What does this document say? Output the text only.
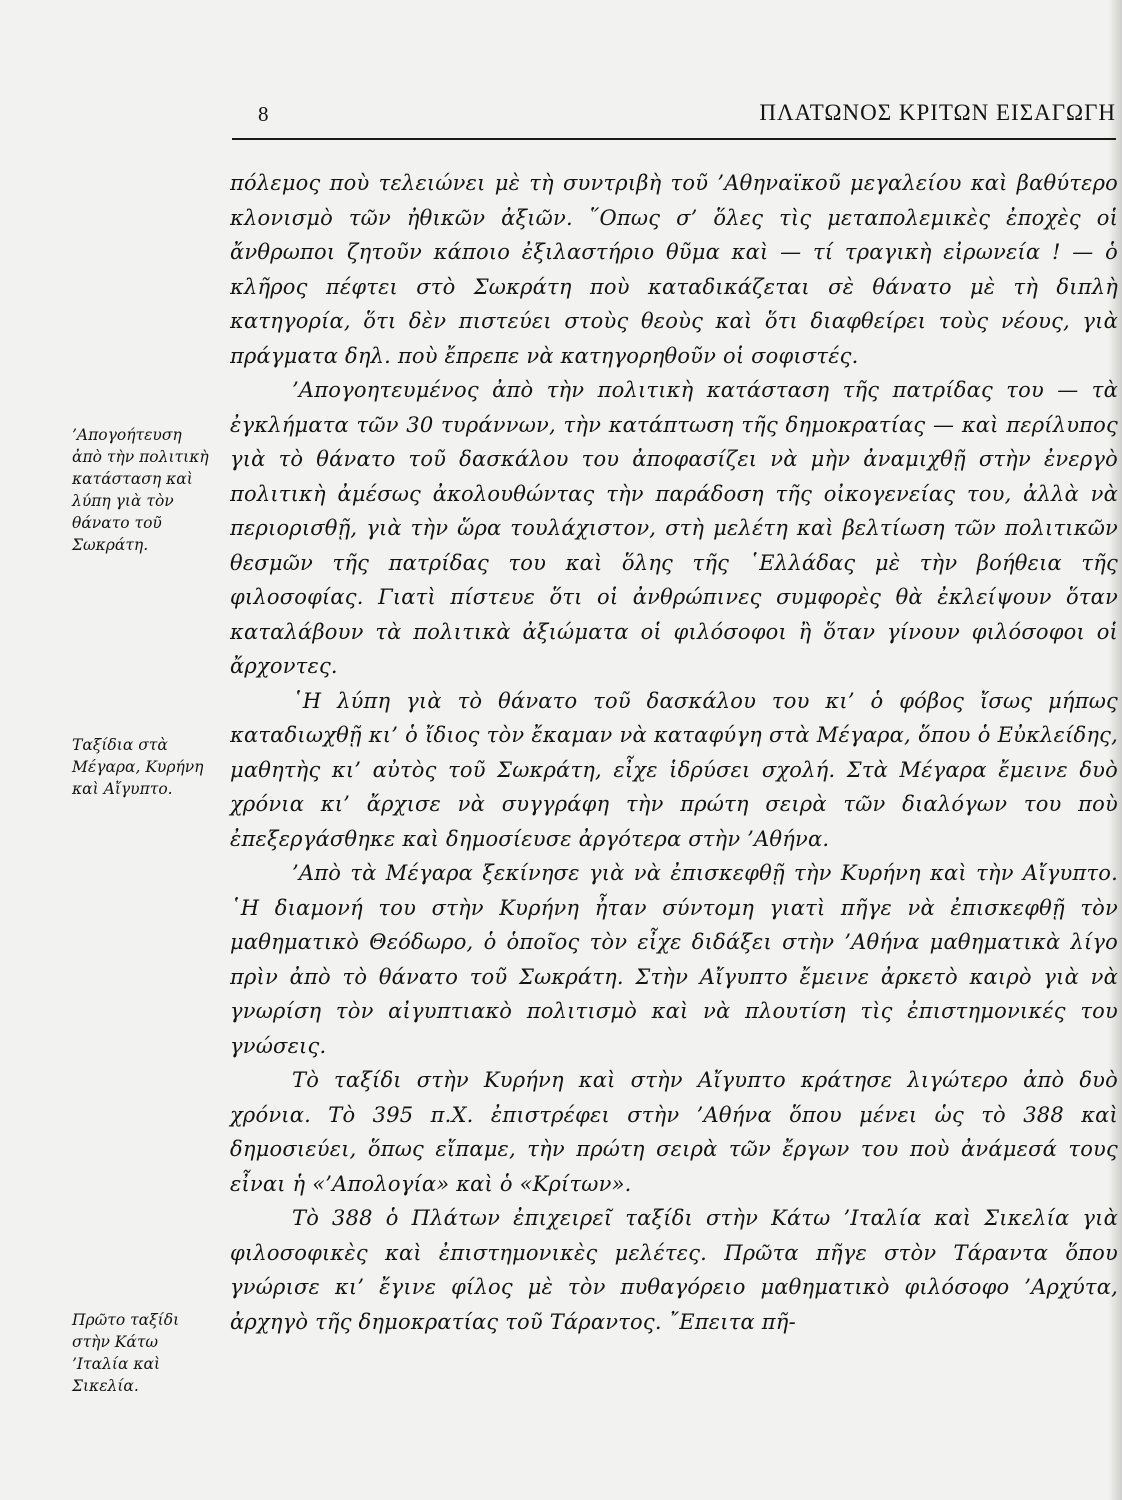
8	ΠΛΑΤΩΝΟΣ ΚΡΙΤΩΝ ΕΙΣΑΓΩΓΗ
’Απογοήτευση ἀπὸ τὴν πολιτικὴ κατάσταση καὶ λύπη γιὰ τὸν θάνατο τοῦ Σωκράτη.
Ταξίδια στὰ Μέγαρα, Κυρήνη καὶ Αἴγυπτο.
Πρῶτο ταξίδι στὴν Κάτω ’Ιταλία καὶ Σικελία.

πόλεμος ποὺ τελειώνει μὲ τὴ συντριβὴ τοῦ ’Αθηναϊκοῦ μεγαλείου καὶ βαθύτερο κλονισμὸ τῶν ἠθικῶν ἀξιῶν. ῞Οπως σ’ ὅλες τὶς μεταπολεμικὲς ἐποχὲς οἱ ἄνθρωποι ζητοῦν κάποιο ἐξιλαστήριο θῦμα καὶ — τί τραγικὴ εἰρωνεία ! — ὁ κλῆρος πέφτει στὸ Σωκράτη ποὺ καταδικάζεται σὲ θάνατο μὲ τὴ διπλὴ κατηγορία, ὅτι δὲν πιστεύει στοὺς θεοὺς καὶ ὅτι διαφθείρει τοὺς νέους, γιὰ πράγματα δηλ. ποὺ ἔπρεπε νὰ κατηγορηθοῦν οἱ σοφιστές.

’Απογοητευμένος ἀπὸ τὴν πολιτικὴ κατάσταση τῆς πατρίδας του — τὰ ἐγκλήματα τῶν 30 τυράννων, τὴν κατάπτωση τῆς δημοκρατίας — καὶ περίλυπος γιὰ τὸ θάνατο τοῦ δασκάλου του ἀποφασίζει νὰ μὴν ἀναμιχθῇ στὴν ἐνεργὸ πολιτικὴ ἀμέσως ἀκολουθώντας τὴν παράδοση τῆς οἰκογενείας του, ἀλλὰ νὰ περιορισθῇ, γιὰ τὴν ὥρα τουλάχιστον, στὴ μελέτη καὶ βελτίωση τῶν πολιτικῶν θεσμῶν τῆς πατρίδας του καὶ ὅλης τῆς ῾Ελλάδας μὲ τὴν βοήθεια τῆς φιλοσοφίας. Γιατὶ πίστευε ὅτι οἱ ἀνθρώπινες συμφορὲς θὰ ἐκλείψουν ὅταν καταλάβουν τὰ πολιτικὰ ἀξιώματα οἱ φιλόσοφοι ἢ ὅταν γίνουν φιλόσοφοι οἱ ἄρχοντες.

῾Η λύπη γιὰ τὸ θάνατο τοῦ δασκάλου του κι’ ὁ φόβος ἴσως μήπως καταδιωχθῇ κι’ ὁ ἴδιος τὸν ἔκαμαν νὰ καταφύγη στὰ Μέγαρα, ὅπου ὁ Εὐκλείδης, μαθητὴς κι’ αὐτὸς τοῦ Σωκράτη, εἶχε ἱδρύσει σχολή. Στὰ Μέγαρα ἔμεινε δυὸ χρόνια κι’ ἄρχισε νὰ συγγράφη τὴν πρώτη σειρὰ τῶν διαλόγων του ποὺ ἐπεξεργάσθηκε καὶ δημοσίευσε ἀργότερα στὴν ’Αθήνα.

’Απὸ τὰ Μέγαρα ξεκίνησε γιὰ νὰ ἐπισκεφθῇ τὴν Κυρήνη καὶ τὴν Αἴγυπτο. ῾Η διαμονή του στὴν Κυρήνη ἦταν σύντομη γιατὶ πῆγε νὰ ἐπισκεφθῇ τὸν μαθηματικὸ Θεόδωρο, ὁ ὁποῖος τὸν εἶχε διδάξει στὴν ’Αθήνα μαθηματικὰ λίγο πρὶν ἀπὸ τὸ θάνατο τοῦ Σωκράτη. Στὴν Αἴγυπτο ἔμεινε ἀρκετὸ καιρὸ γιὰ νὰ γνωρίση τὸν αἰγυπτιακὸ πολιτισμὸ καὶ νὰ πλουτίση τὶς ἐπιστημονικές του γνώσεις.

Τὸ ταξίδι στὴν Κυρήνη καὶ στὴν Αἴγυπτο κράτησε λιγώτερο ἀπὸ δυὸ χρόνια. Τὸ 395 π.Χ. ἐπιστρέφει στὴν ’Αθήνα ὅπου μένει ὡς τὸ 388 καὶ δημοσιεύει, ὅπως εἴπαμε, τὴν πρώτη σειρὰ τῶν ἔργων του ποὺ ἀνάμεσά τους εἶναι ἡ «’Απολογία» καὶ ὁ «Κρίτων».

Τὸ 388 ὁ Πλάτων ἐπιχειρεῖ ταξίδι στὴν Κάτω ’Ιταλία καὶ Σικελία γιὰ φιλοσοφικὲς καὶ ἐπιστημονικὲς μελέτες. Πρῶτα πῆγε στὸν Τάραντα ὅπου γνώρισε κι’ ἔγινε φίλος μὲ τὸν πυθαγόρειο μαθηματικὸ φιλόσοφο ’Αρχύτα, ἀρχηγὸ τῆς δημοκρατίας τοῦ Τάραντος. ῎Επειτα πῆ-
